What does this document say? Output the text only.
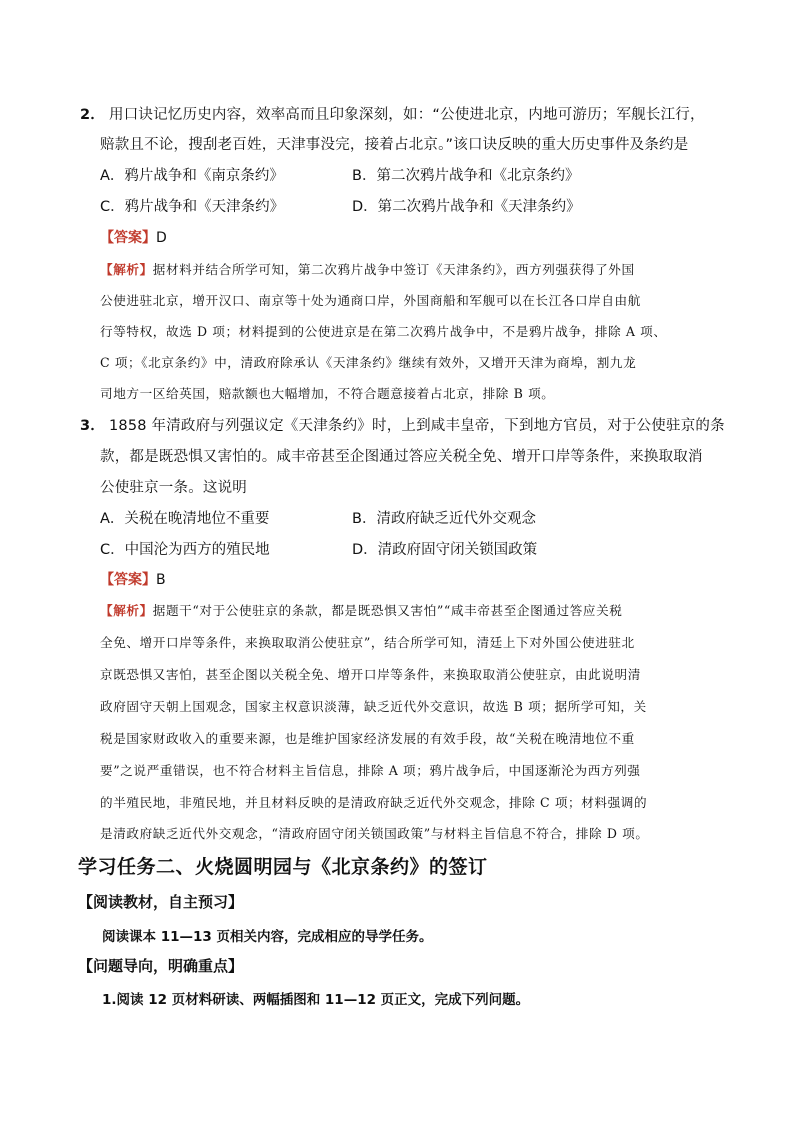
2． 用口诀记忆历史内容，效率高而且印象深刻，如：“公使进北京，内地可游历；军舰长江行，
赔款且不论，搜刮老百姓，天津事没完，接着占北京。”该口诀反映的重大历史事件及条约是
A．鸦片战争和《南京条约》	B．第二次鸦片战争和《北京条约》
C．鸦片战争和《天津条约》	D．第二次鸦片战争和《天津条约》
【答案】D
【解析】据材料并结合所学可知，第二次鸦片战争中签订《天津条约》，西方列强获得了外国
公使进驻北京，增开汉口、南京等十处为通商口岸，外国商船和军舰可以在长江各口岸自由航
行等特权，故选 D 项；材料提到的公使进京是在第二次鸦片战争中，不是鸦片战争，排除 A 项、
C 项；《北京条约》中，清政府除承认《天津条约》继续有效外，又增开天津为商埠，割九龙
司地方一区给英国，赔款额也大幅增加，不符合题意接着占北京，排除 B 项。
3． 1858 年清政府与列强议定《天津条约》时，上到咸丰皇帝，下到地方官员，对于公使驻京的条
款，都是既恐惧又害怕的。咸丰帝甚至企图通过答应关税全免、增开口岸等条件，来换取取消
公使驻京一条。这说明
A．关税在晚清地位不重要	B．清政府缺乏近代外交观念
C．中国沦为西方的殖民地	D．清政府固守闭关锁国政策
【答案】B
【解析】据题干“对于公使驻京的条款，都是既恐惧又害怕”“咸丰帝甚至企图通过答应关税
全免、增开口岸等条件，来换取取消公使驻京”，结合所学可知，清廷上下对外国公使进驻北
京既恐惧又害怕，甚至企图以关税全免、增开口岸等条件，来换取取消公使驻京，由此说明清
政府固守天朝上国观念，国家主权意识淡薄，缺乏近代外交意识，故选 B 项；据所学可知，关
税是国家财政收入的重要来源，也是维护国家经济发展的有效手段，故“关税在晚清地位不重
要”之说严重错误，也不符合材料主旨信息，排除 A 项；鸦片战争后，中国逐渐沦为西方列强
的半殖民地，非殖民地，并且材料反映的是清政府缺乏近代外交观念，排除 C 项；材料强调的
是清政府缺乏近代外交观念，“清政府固守闭关锁国政策”与材料主旨信息不符合，排除 D 项。
学习任务二、火烧圆明园与《北京条约》的签订
【阅读教材，自主预习】
阅读课本 11—13 页相关内容，完成相应的导学任务。
【问题导向，明确重点】
1.阅读 12 页材料研读、两幅插图和 11—12 页正文，完成下列问题。
